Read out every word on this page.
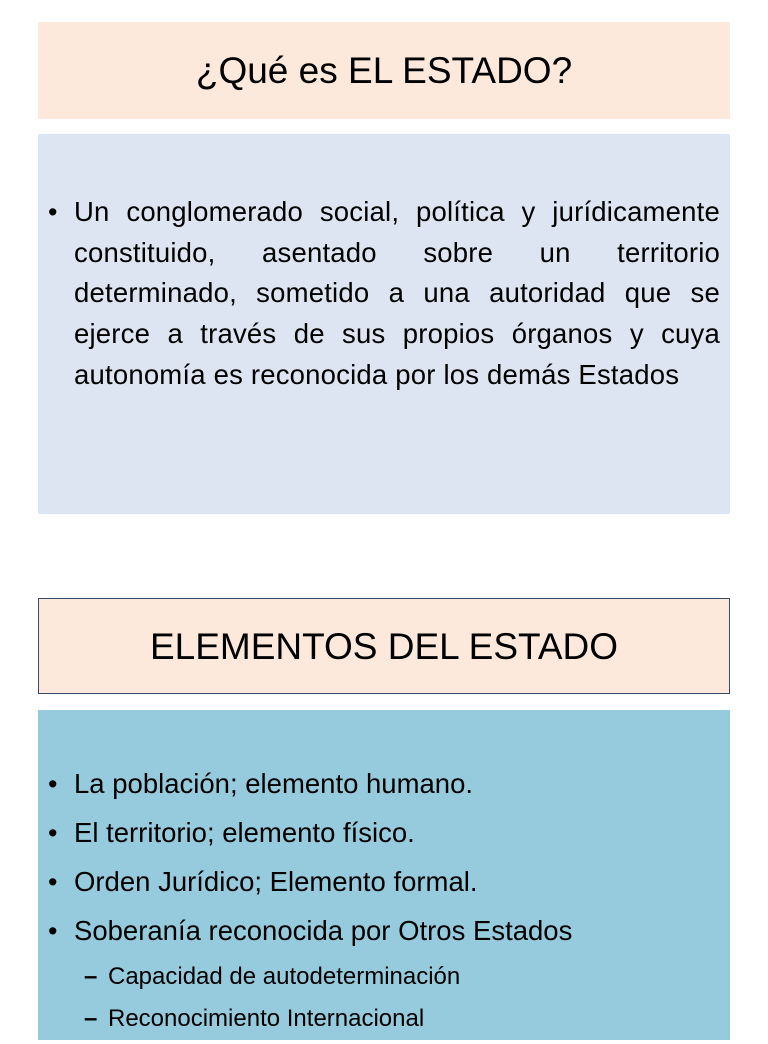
¿Qué es EL ESTADO?
• Un conglomerado social, política y jurídicamente constituido, asentado sobre un territorio determinado, sometido a una autoridad que se ejerce a través de sus propios órganos y cuya autonomía es reconocida por los demás Estados
ELEMENTOS DEL ESTADO
• La población; elemento humano.
• El territorio; elemento físico.
• Orden Jurídico; Elemento formal.
• Soberanía reconocida por Otros Estados
– Capacidad de autodeterminación
– Reconocimiento Internacional
